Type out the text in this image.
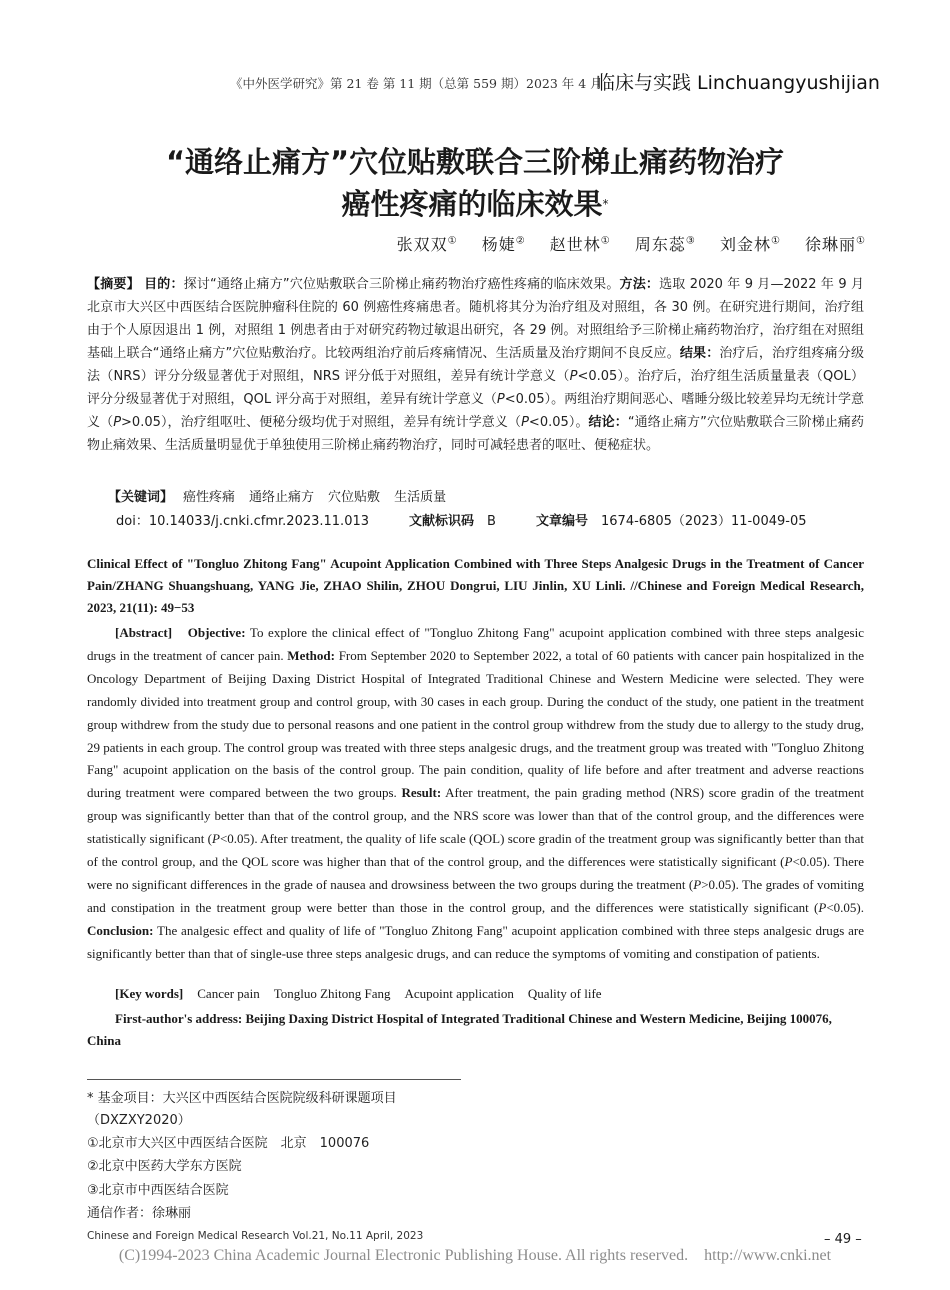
《中外医学研究》第 21 卷 第 11 期（总第 559 期）2023 年 4 月
临床与实践 Linchuangyushijian
“通络止痛方”穴位贴敷联合三阶梯止痛药物治疗
癌性疼痛的临床效果*
张双双① 杨婕② 赵世林① 周东蕊③ 刘金林① 徐琳丽①
【摘要】 目的：探讨“通络止痛方”穴位贴敷联合三阶梯止痛药物治疗癌性疼痛的临床效果。方法：选取 2020 年 9 月—2022 年 9 月北京市大兴区中西医结合医院肿瘤科住院的 60 例癌性疼痛患者。随机将其分为治疗组及对照组，各 30 例。在研究进行期间，治疗组由于个人原因退出 1 例，对照组 1 例患者由于对研究药物过敏退出研究，各 29 例。对照组给予三阶梯止痛药物治疗，治疗组在对照组基础上联合“通络止痛方”穴位贴敷治疗。比较两组治疗前后疼痛情况、生活质量及治疗期间不良反应。结果：治疗后，治疗组疼痛分级法（NRS）评分分级显著优于对照组，NRS 评分低于对照组，差异有统计学意义（P<0.05）。治疗后，治疗组生活质量量表（QOL）评分分级显著优于对照组，QOL 评分高于对照组，差异有统计学意义（P<0.05）。两组治疗期间恶心、嗜睡分级比较差异均无统计学意义（P>0.05），治疗组呕吐、便秘分级均优于对照组，差异有统计学意义（P<0.05）。结论：“通络止痛方”穴位贴敷联合三阶梯止痛药物止痛效果、生活质量明显优于单独使用三阶梯止痛药物治疗，同时可减轻患者的呕吐、便秘症状。
【关键词】 癌性疼痛 通络止痛方 穴位贴敷 生活质量
doi：10.14033/j.cnki.cfmr.2023.11.013	文献标识码　 B	文章编号　 1674-6805（2023）11-0049-05
Clinical Effect of "Tongluo Zhitong Fang" Acupoint Application Combined with Three Steps Analgesic Drugs in the Treatment of Cancer Pain/ZHANG Shuangshuang, YANG Jie, ZHAO Shilin, ZHOU Dongrui, LIU Jinlin, XU Linli. //Chinese and Foreign Medical Research, 2023, 21(11): 49−53
[Abstract]　 Objective: To explore the clinical effect of "Tongluo Zhitong Fang" acupoint application combined with three steps analgesic drugs in the treatment of cancer pain. Method: From September 2020 to September 2022, a total of 60 patients with cancer pain hospitalized in the Oncology Department of Beijing Daxing District Hospital of Integrated Traditional Chinese and Western Medicine were selected. They were randomly divided into treatment group and control group, with 30 cases in each group. During the conduct of the study, one patient in the treatment group withdrew from the study due to personal reasons and one patient in the control group withdrew from the study due to allergy to the study drug, 29 patients in each group. The control group was treated with three steps analgesic drugs, and the treatment group was treated with "Tongluo Zhitong Fang" acupoint application on the basis of the control group. The pain condition, quality of life before and after treatment and adverse reactions during treatment were compared between the two groups. Result: After treatment, the pain grading method (NRS) score gradin of the treatment group was significantly better than that of the control group, and the NRS score was lower than that of the control group, and the differences were statistically significant (P<0.05). After treatment, the quality of life scale (QOL) score gradin of the treatment group was significantly better than that of the control group, and the QOL score was higher than that of the control group, and the differences were statistically significant (P<0.05). There were no significant differences in the grade of nausea and drowsiness between the two groups during the treatment (P>0.05). The grades of vomiting and constipation in the treatment group were better than those in the control group, and the differences were statistically significant (P<0.05). Conclusion: The analgesic effect and quality of life of "Tongluo Zhitong Fang" acupoint application combined with three steps analgesic drugs are significantly better than that of single-use three steps analgesic drugs, and can reduce the symptoms of vomiting and constipation of patients.
[Key words] Cancer pain Tongluo Zhitong Fang Acupoint application Quality of life
First-author's address: Beijing Daxing District Hospital of Integrated Traditional Chinese and Western Medicine, Beijing 100076, China
* 基金项目：大兴区中西医结合医院院级科研课题项目
（DXZXY2020）
①北京市大兴区中西医结合医院　北京　100076
②北京中医药大学东方医院
③北京市中西医结合医院
通信作者：徐琳丽
Chinese and Foreign Medical Research Vol.21, No.11 April, 2023	– 49 –
(C)1994-2023 China Academic Journal Electronic Publishing House. All rights reserved.　http://www.cnki.net
